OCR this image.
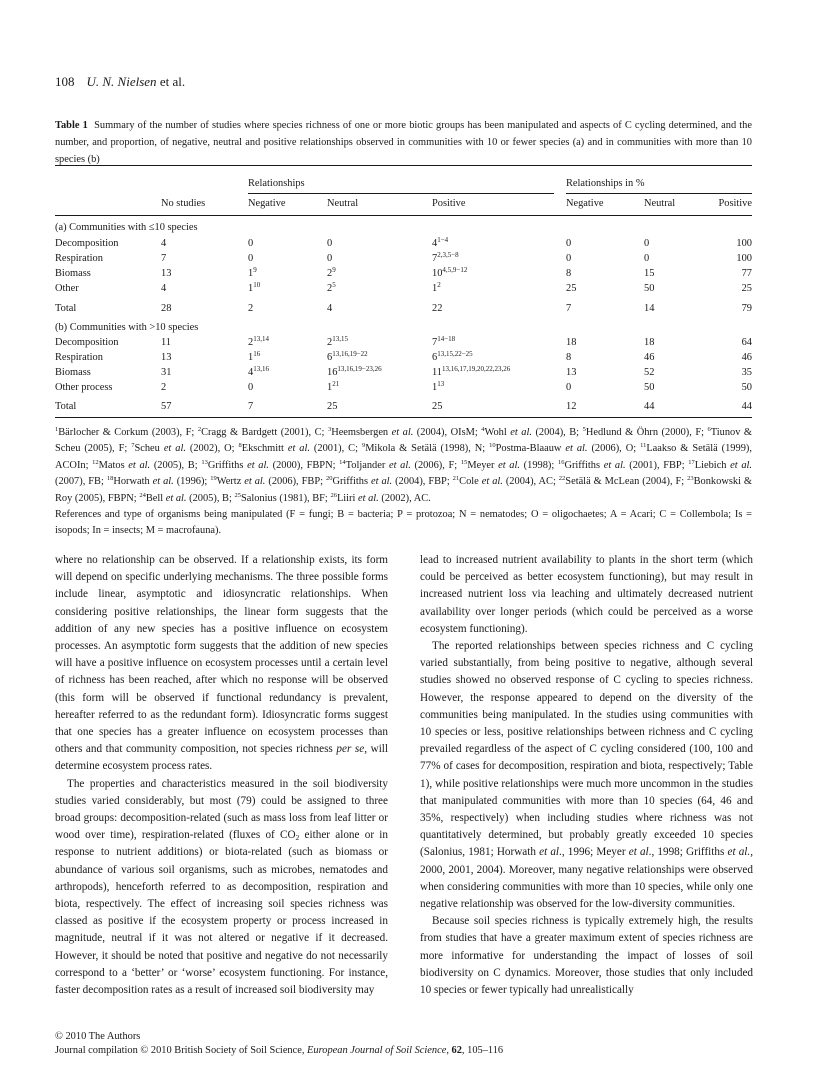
108 U. N. Nielsen et al.
Table 1 Summary of the number of studies where species richness of one or more biotic groups has been manipulated and aspects of C cycling determined, and the number, and proportion, of negative, neutral and positive relationships observed in communities with 10 or fewer species (a) and in communities with more than 10 species (b)
Relationships	Relationships in %
No studies	Negative	Neutral	Positive	Negative	Neutral	Positive
(a) Communities with ≤10 species
Decomposition	4	0	0	$4^{1-4}$	0	0	100
Respiration	7	0	0	$7^{2,3,5-8}$	0	0	100
Biomass	13	$1^9$	$2^9$	$10^{4,5,9-12}$	8	15	77
Other	4	$1^{10}$	$2^5$	$1^2$	25	50	25
Total	28	2	4	22	7	14	79
(b) Communities with >10 species
Decomposition	11	2$^{13,14}$	2$^{13,15}$	$7^{14-18}$	18	18	64
Respiration	13	$1^{16}$	$6^{13,16,19-22}$	$6^{13,15,22-25}$	8	46	46
Biomass	31	4$^{13,16}$	$16^{13,16,19-23,26}$	11$^{13,16,17,19,20,22,23,26}$	13	52	35
Other process	2	0	$1^{21}$	$1^{13}$	0	50	50
Total	57	7	25	25	12	44	44
$^1$Bärlocher & Corkum (2003), F; $^2$Cragg & Bardgett (2001), C; $^3$Heemsbergen et al. (2004), OIsM; $^4$Wohl et al. (2004), B; $^5$Hedlund & Öhrn (2000), F; $^6$Tiunov & Scheu (2005), F; $^7$Scheu et al. (2002), O; $^8$Ekschmitt et al. (2001), C; $^9$Mikola & Setälä (1998), N; $^{10}$Postma-Blaauw et al. (2006), O; $^{11}$Laakso & Setälä (1999), ACOIn; $^{12}$Matos et al. (2005), B; $^{13}$Griffiths et al. (2000), FBPN; $^{14}$Toljander et al. (2006), F; $^{15}$Meyer et al. (1998); $^{16}$Griffiths et al. (2001), FBP; $^{17}$Liebich et al. (2007), FB; $^{18}$Horwath et al. (1996); $^{19}$Wertz et al. (2006), FBP; $^{20}$Griffiths et al. (2004), FBP; $^{21}$Cole et al. (2004), AC; $^{22}$Setälä & McLean (2004), F; $^{23}$Bonkowski & Roy (2005), FBPN; $^{24}$Bell et al. (2005), B; $^{25}$Salonius (1981), BF; $^{26}$Liiri et al. (2002), AC.
References and type of organisms being manipulated (F = fungi; B = bacteria; P = protozoa; N = nematodes; O = oligochaetes; A = Acari; C = Collembola; Is = isopods; In = insects; M = macrofauna).

where no relationship can be observed. If a relationship exists, its form will depend on specific underlying mechanisms. The three possible forms include linear, asymptotic and idiosyncratic relationships. When considering positive relationships, the linear form suggests that the addition of any new species has a positive influence on ecosystem processes. An asymptotic form suggests that the addition of new species will have a positive influence on ecosystem processes until a certain level of richness has been reached, after which no response will be observed (this form will be observed if functional redundancy is prevalent, hereafter referred to as the redundant form). Idiosyncratic forms suggest that one species has a greater influence on ecosystem processes than others and that community composition, not species richness per se, will determine ecosystem process rates.

The properties and characteristics measured in the soil biodiversity studies varied considerably, but most (79) could be assigned to three broad groups: decomposition-related (such as mass loss from leaf litter or wood over time), respiration-related (fluxes of $CO_2$ either alone or in response to nutrient additions) or biota-related (such as biomass or abundance of various soil organisms, such as microbes, nematodes and arthropods), henceforth referred to as decomposition, respiration and biota, respectively. The effect of increasing soil species richness was classed as positive if the ecosystem property or process increased in magnitude, neutral if it was not altered or negative if it decreased. However, it should be noted that positive and negative do not necessarily correspond to a ‘better’ or ‘worse’ ecosystem functioning. For instance, faster decomposition rates as a result of increased soil biodiversity may

lead to increased nutrient availability to plants in the short term (which could be perceived as better ecosystem functioning), but may result in increased nutrient loss via leaching and ultimately decreased nutrient availability over longer periods (which could be perceived as a worse ecosystem functioning).

The reported relationships between species richness and C cycling varied substantially, from being positive to negative, although several studies showed no observed response of C cycling to species richness. However, the response appeared to depend on the diversity of the communities being manipulated. In the studies using communities with 10 species or less, positive relationships between richness and C cycling prevailed regardless of the aspect of C cycling considered (100, 100 and 77% of cases for decomposition, respiration and biota, respectively; Table 1), while positive relationships were much more uncommon in the studies that manipulated communities with more than 10 species (64, 46 and 35%, respectively) when including studies where richness was not quantitatively determined, but probably greatly exceeded 10 species (Salonius, 1981; Horwath et al., 1996; Meyer et al., 1998; Griffiths et al., 2000, 2001, 2004). Moreover, many negative relationships were observed when considering communities with more than 10 species, while only one negative relationship was observed for the low-diversity communities.

Because soil species richness is typically extremely high, the results from studies that have a greater maximum extent of species richness are more informative for understanding the impact of losses of soil biodiversity on C dynamics. Moreover, those studies that only included 10 species or fewer typically had unrealistically

© 2010 The Authors
Journal compilation © 2010 British Society of Soil Science, European Journal of Soil Science, 62, 105–116
